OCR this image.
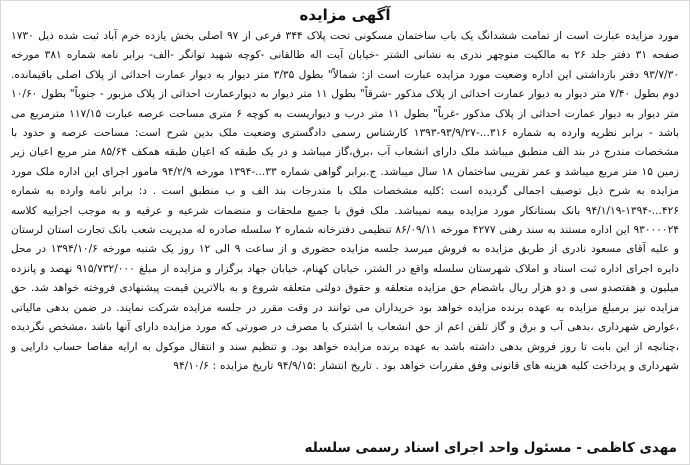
آگهی مزایده

مورد مزایده عبارت است از تمامت ششدانگ یک باب ساختمان مسکونی تحت پلاک ۳۴۴ فرعی از ۹۷ اصلی بخش یازده خرم آباد ثبت شده ذیل ۱۷۳۰ صفحه ۳۱ دفتر جلد ۲۶ به مالکیت منوچهر ندری به نشانی الشتر -خیابان آیت اله طالقانی -کوچه شهید توانگر -الف- برابر نامه شماره ۳۸۱ مورخه ۹۳/۷/۳۰ دفتر بازداشتی این اداره وضعیت مورد مزایده عبارت است از: شمالاً" بطول ۳/۳۵ متر دیوار به دیوار عمارت احداثی از پلاک اصلی باقیمانده. دوم بطول ۷/۴۰ متر دیوار به دیوار عمارت احداثی از پلاک مذکور -شرقاً" بطول ۱۱ متر دیوار به دیوارعمارت احداثی از پلاک مزبور - جنوباً" بطول ۱۰/۶۰ متر دیوار به دیوار عمارت احداثی از پلاک مذکور -غرباً" بطول ۱۱ متر درب و دیواریست به کوچه ۶ متری مساحت عرصه عبارت ۱۱۷/۱۵ مترمربع می باشد - برابر نظریه وارده به شماره ۳۱۶...-۹۳/۹/۲۷-۱۳۹۳ کارشناس رسمی دادگستری وضعیت ملک بدین شرح است: مساحت عرصه و حدود با مشخصات مندرج در بند الف منطبق میباشد ملک دارای انشعاب آب ،برق،گاز میباشد و در یک طبقه که اعیان طبقه همکف ۸۵/۶۴ متر مربع اعیان زیر زمین ۱۵ متر مربع میباشد و عمر تقریبی ساختمان ۱۸ سال میباشد. ج.برابر گواهی شماره ۳۳...-۱۳۹۴ مورخه ۹۴/۲/۹ مامور اجرای این اداره ملک مورد مزایده به شرح ذیل توصیف اجمالی گردیده است :کلیه مشخصات ملک با مندرجات بند الف و ب منطبق است . د: برابر نامه وارده به شماره ۴۲۶...-۱۳۹۴-۹۴/۱/۱۹ بانک بستانکار مورد مزایده بیمه نمیباشد. ملک فوق با جمیع ملحقات و منضمات شرعیه و عرفیه و به موجب اجراییه کلاسه ۹۳۰۰۰۰۲۴ این اداره مستند به سند رهنی ۴۲۷۷ مورخه ۸۶/۰۹/۱۱ تنظیمی دفترخانه شماره ۲ سلسله صادره له مدیریت شعب بانک تجارت استان لرستان و علیه آقای مسعود نادری از طریق مزایده به فروش میرسد جلسه مزایده حضوری و از ساعت ۹ الی ۱۲ روز یک شنبه مورخه ۱۳۹۴/۱۰/۶ در محل دایره اجرای اداره ثبت اسناد و املاک شهرستان سلسله واقع در الشتر، خیابان کهنام، خیابان جهاد برگزار و مزایده از مبلغ ۹۱۵/۷۳۲/۰۰۰ نهصد و پانزده میلیون و هفتصدو سی و دو هزار ریال باشضام حق مزایده متعلقه و حقوق دولتی متعلقه شروع و به بالاترین قیمت پیشنهادی فروخته خواهد شد. حق مزایده نیز برمبلغ مزایده به عهده برنده مزایده خواهد بود خریداران می توانند در وقت مقرر در جلسه مزایده شرکت نمایند. در ضمن بدهی مالیاتی ،عوارض شهرداری ،بدهی آب و برق و گاز تلفن اعم از حق انشعاب یا اشترک یا مصرف در صورتی که مورد مزایده دارای آنها باشد ،مشخص نگردیده ،چنانچه از این بابت تا روز فروش بدهی داشته باشد به عهده برنده مزایده خواهد بود. و تنظیم سند و انتقال موکول به ارایه مفاصا حساب دارایی و شهرداری و پرداخت کلیه هزینه های قانونی وفق مقررات خواهد بود . تاریخ انتشار :۹۴/۹/۱۵ تاریخ مزایده : ۹۴/۱۰/۶

مهدی کاظمی - مسئول واحد اجرای اسناد رسمی سلسله
